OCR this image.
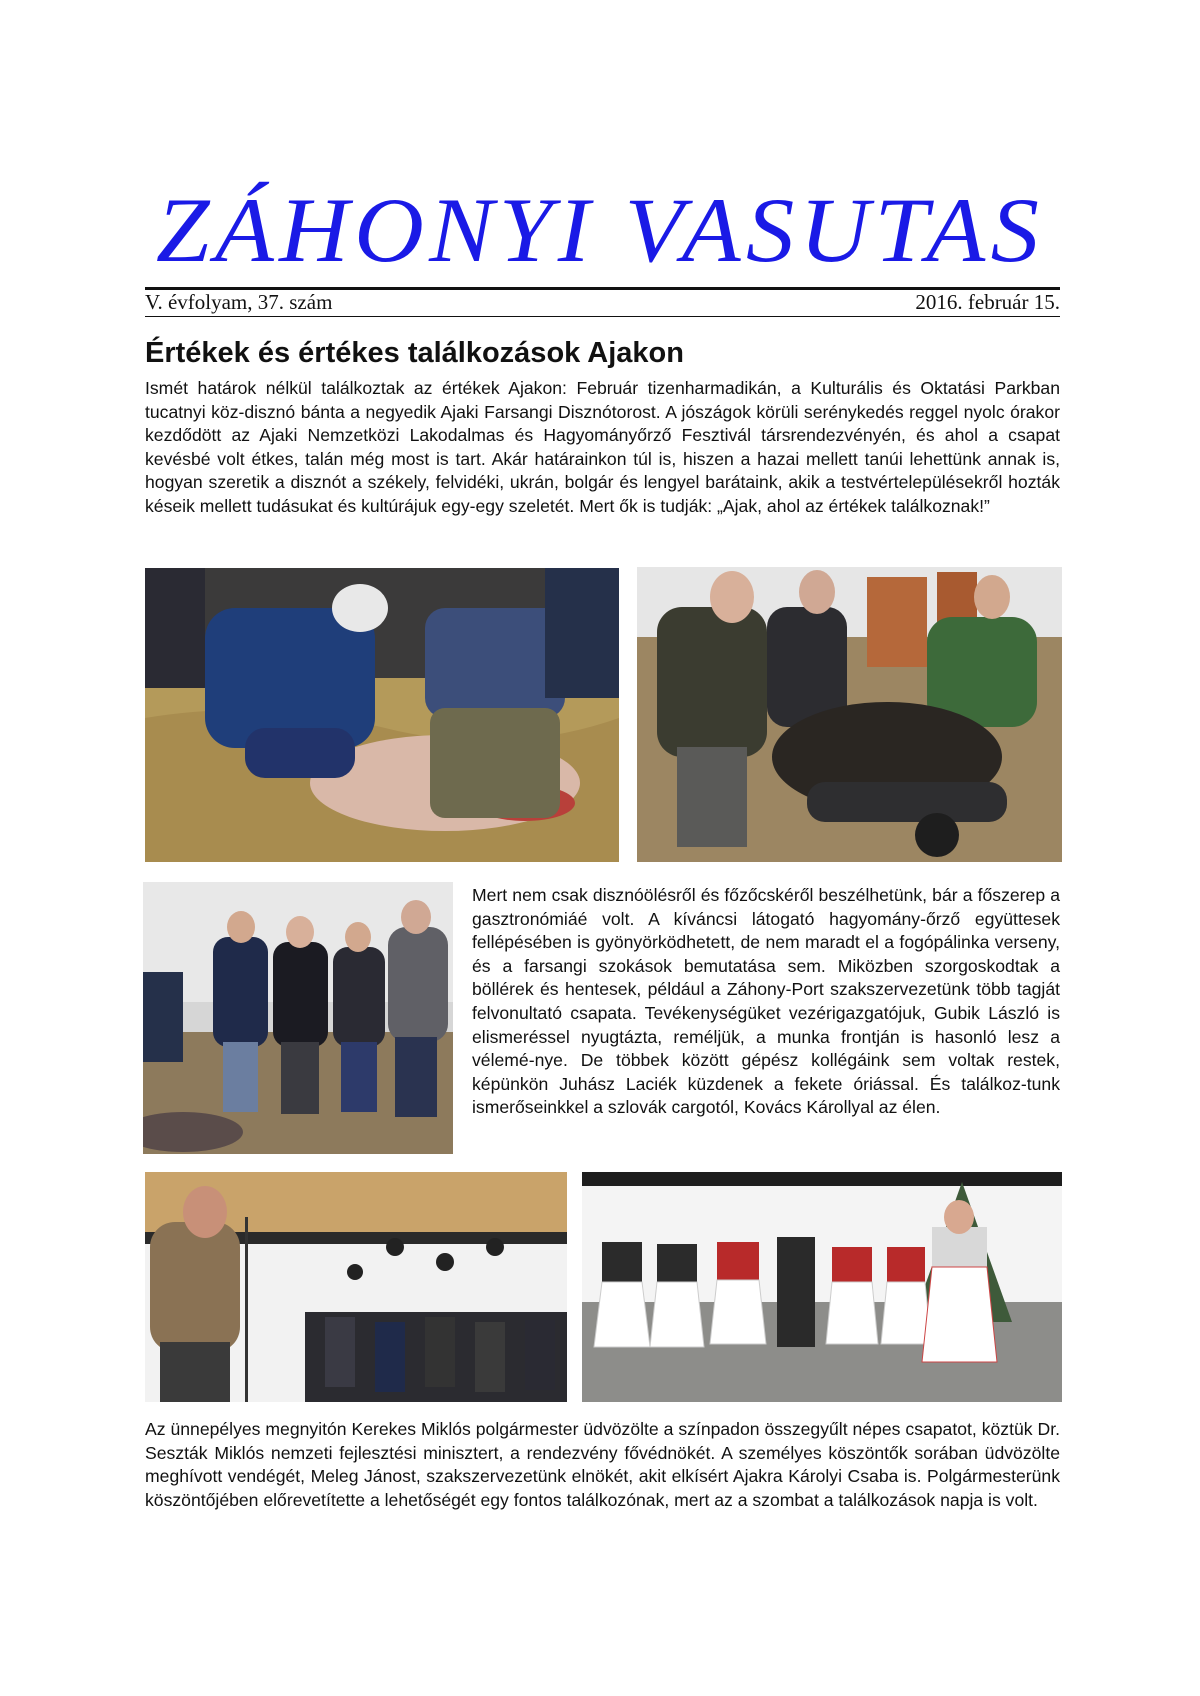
ZÁHONYI VASUTAS
V. évfolyam, 37. szám	2016. február 15.
Értékek és értékes találkozások Ajakon

Ismét határok nélkül találkoztak az értékek Ajakon: Február tizenharmadikán, a Kulturális és Oktatási Parkban tucatnyi köz-disznó bánta a negyedik Ajaki Farsangi Disznótorost. A jószágok körüli serénykedés reggel nyolc órakor kezdődött az Ajaki Nemzetközi Lakodalmas és Hagyományőrző Fesztivál társrendezvényén, és ahol a csapat kevésbé volt étkes, talán még most is tart. Akár határainkon túl is, hiszen a hazai mellett tanúi lehettünk annak is, hogyan szeretik a disznót a székely, felvidéki, ukrán, bolgár és lengyel barátaink, akik a testvértelepülésekről hozták késeik mellett tudásukat és kultúrájuk egy-egy szeletét. Mert ők is tudják: „Ajak, ahol az értékek találkoznak!”

Mert nem csak disznóölésről és főzőcskéről beszélhetünk, bár a főszerep a gasztronómiáé volt. A kíváncsi látogató hagyomány-őrző együttesek fellépésében is gyönyörködhetett, de nem maradt el a fogópálinka verseny, és a farsangi szokások bemutatása sem. Miközben szorgoskodtak a böllérek és hentesek, például a Záhony-Port szakszervezetünk több tagját felvonultató csapata. Tevékenységüket vezérigazgatójuk, Gubik László is elismeréssel nyugtázta, reméljük, a munka frontján is hasonló lesz a vélemé-nye. De többek között gépész kollégáink sem voltak restek, képünkön Juhász Laciék küzdenek a fekete óriással. És találkoz-tunk ismerőseinkkel a szlovák cargotól, Kovács Károllyal az élen.

Az ünnepélyes megnyitón Kerekes Miklós polgármester üdvözölte a színpadon összegyűlt népes csapatot, köztük Dr. Seszták Miklós nemzeti fejlesztési minisztert, a rendezvény fővédnökét. A személyes köszöntők sorában üdvözölte meghívott vendégét, Meleg Jánost, szakszervezetünk elnökét, akit elkísért Ajakra Károlyi Csaba is. Polgármesterünk köszöntőjében előrevetítette a lehetőségét egy fontos találkozónak, mert az a szombat a találkozások napja is volt.
